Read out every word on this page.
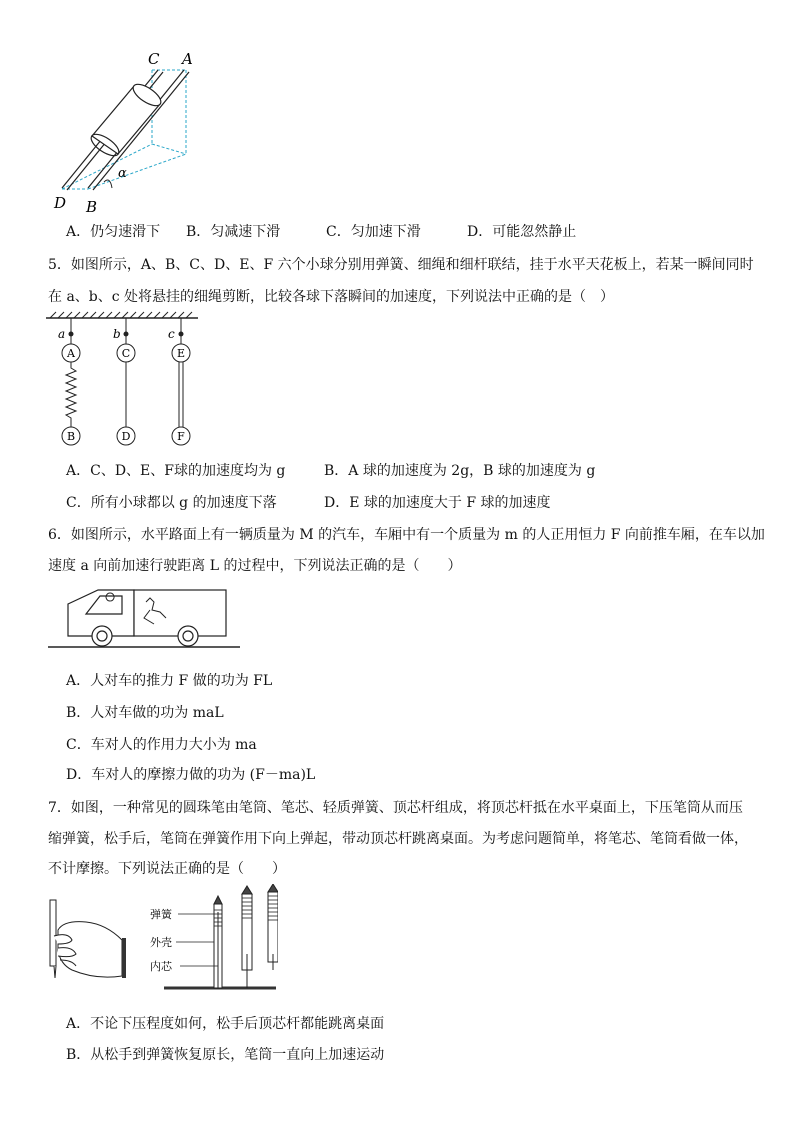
C A
D B
α
A．仍匀速滑下 B．匀减速下滑	C．匀加速下滑	D．可能忽然静止
5．如图所示，A、B、C、D、E、F 六个小球分别用弹簧、细绳和细杆联结，挂于水平天花板上，若某一瞬间同时
在 a、b、c 处将悬挂的细绳剪断，比较各球下落瞬间的加速度，下列说法中正确的是（　）
a	b	c
A
B
C
D
E
F
A．C、D、E、F球的加速度均为 g	B．A 球的加速度为 2g，B 球的加速度为 g
C．所有小球都以 g 的加速度下落	D．E 球的加速度大于 F 球的加速度
6．如图所示，水平路面上有一辆质量为 M 的汽车，车厢中有一个质量为 m 的人正用恒力 F 向前推车厢，在车以加
速度 a 向前加速行驶距离 L 的过程中，下列说法正确的是（　　）
A．人对车的推力 F 做的功为 FL
B．人对车做的功为 maL
C．车对人的作用力大小为 ma
D．车对人的摩擦力做的功为 (F－ma)L
7．如图，一种常见的圆珠笔由笔筒、笔芯、轻质弹簧、顶芯杆组成，将顶芯杆抵在水平桌面上，下压笔筒从而压
缩弹簧，松手后，笔筒在弹簧作用下向上弹起，带动顶芯杆跳离桌面。为考虑问题简单，将笔芯、笔筒看做一体，
不计摩擦。下列说法正确的是（　　）
弹簧
外壳
内芯
A．不论下压程度如何，松手后顶芯杆都能跳离桌面
B．从松手到弹簧恢复原长，笔筒一直向上加速运动
